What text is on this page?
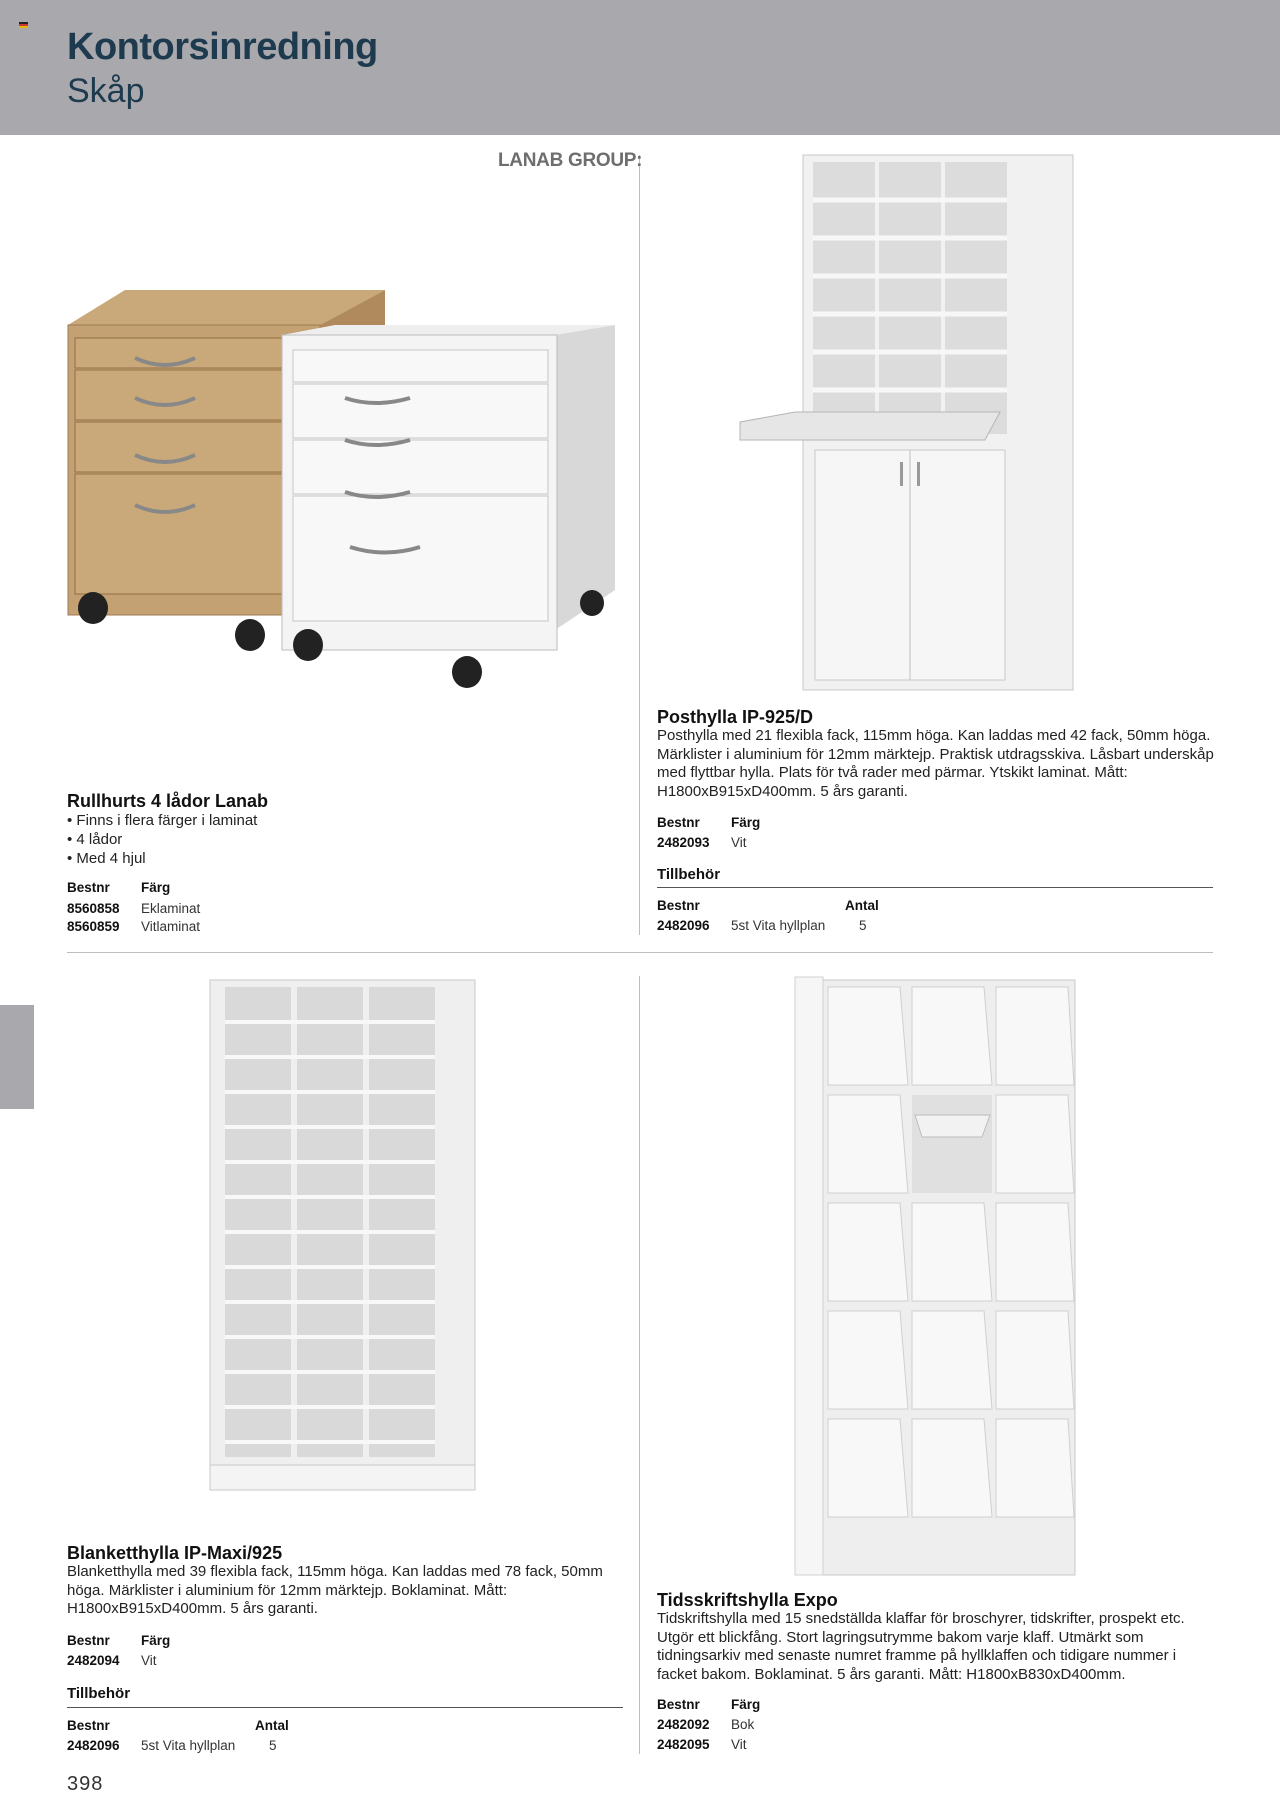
Kontorsinredning
Skåp
LANAB GROUP:
Rullhurts 4 lådor Lanab
• Finns i flera färger i laminat
• 4 lådor
• Med 4 hjul
Bestnr	Färg
8560858	Eklaminat
8560859	Vitlaminat
Posthylla IP-925/D
Posthylla med 21 flexibla fack, 115mm höga. Kan laddas med 42 fack, 50mm höga. Märklister i aluminium för 12mm märktejp. Praktisk utdragsskiva. Låsbart underskåp med flyttbar hylla. Plats för två rader med pärmar. Ytskikt laminat. Mått: H1800xB915xD400mm. 5 års garanti.
Bestnr	Färg
2482093	Vit
Tillbehör
Bestnr	Antal
2482096	5st Vita hyllplan	5
Blanketthylla IP-Maxi/925
Blanketthylla med 39 flexibla fack, 115mm höga. Kan laddas med 78 fack, 50mm höga. Märklister i aluminium för 12mm märktejp. Boklaminat. Mått: H1800xB915xD400mm. 5 års garanti.
Bestnr	Färg
2482094	Vit
Tillbehör
Bestnr	Antal
2482096	5st Vita hyllplan	5
Tidsskriftshylla Expo
Tidskriftshylla med 15 snedställda klaffar för broschyrer, tidskrifter, prospekt etc. Utgör ett blickfång. Stort lagringsutrymme bakom varje klaff. Utmärkt som tidningsarkiv med senaste numret framme på hyllklaffen och tidigare nummer i facket bakom. Boklaminat. 5 års garanti. Mått: H1800xB830xD400mm.
Bestnr	Färg
2482092	Bok
2482095	Vit
398
